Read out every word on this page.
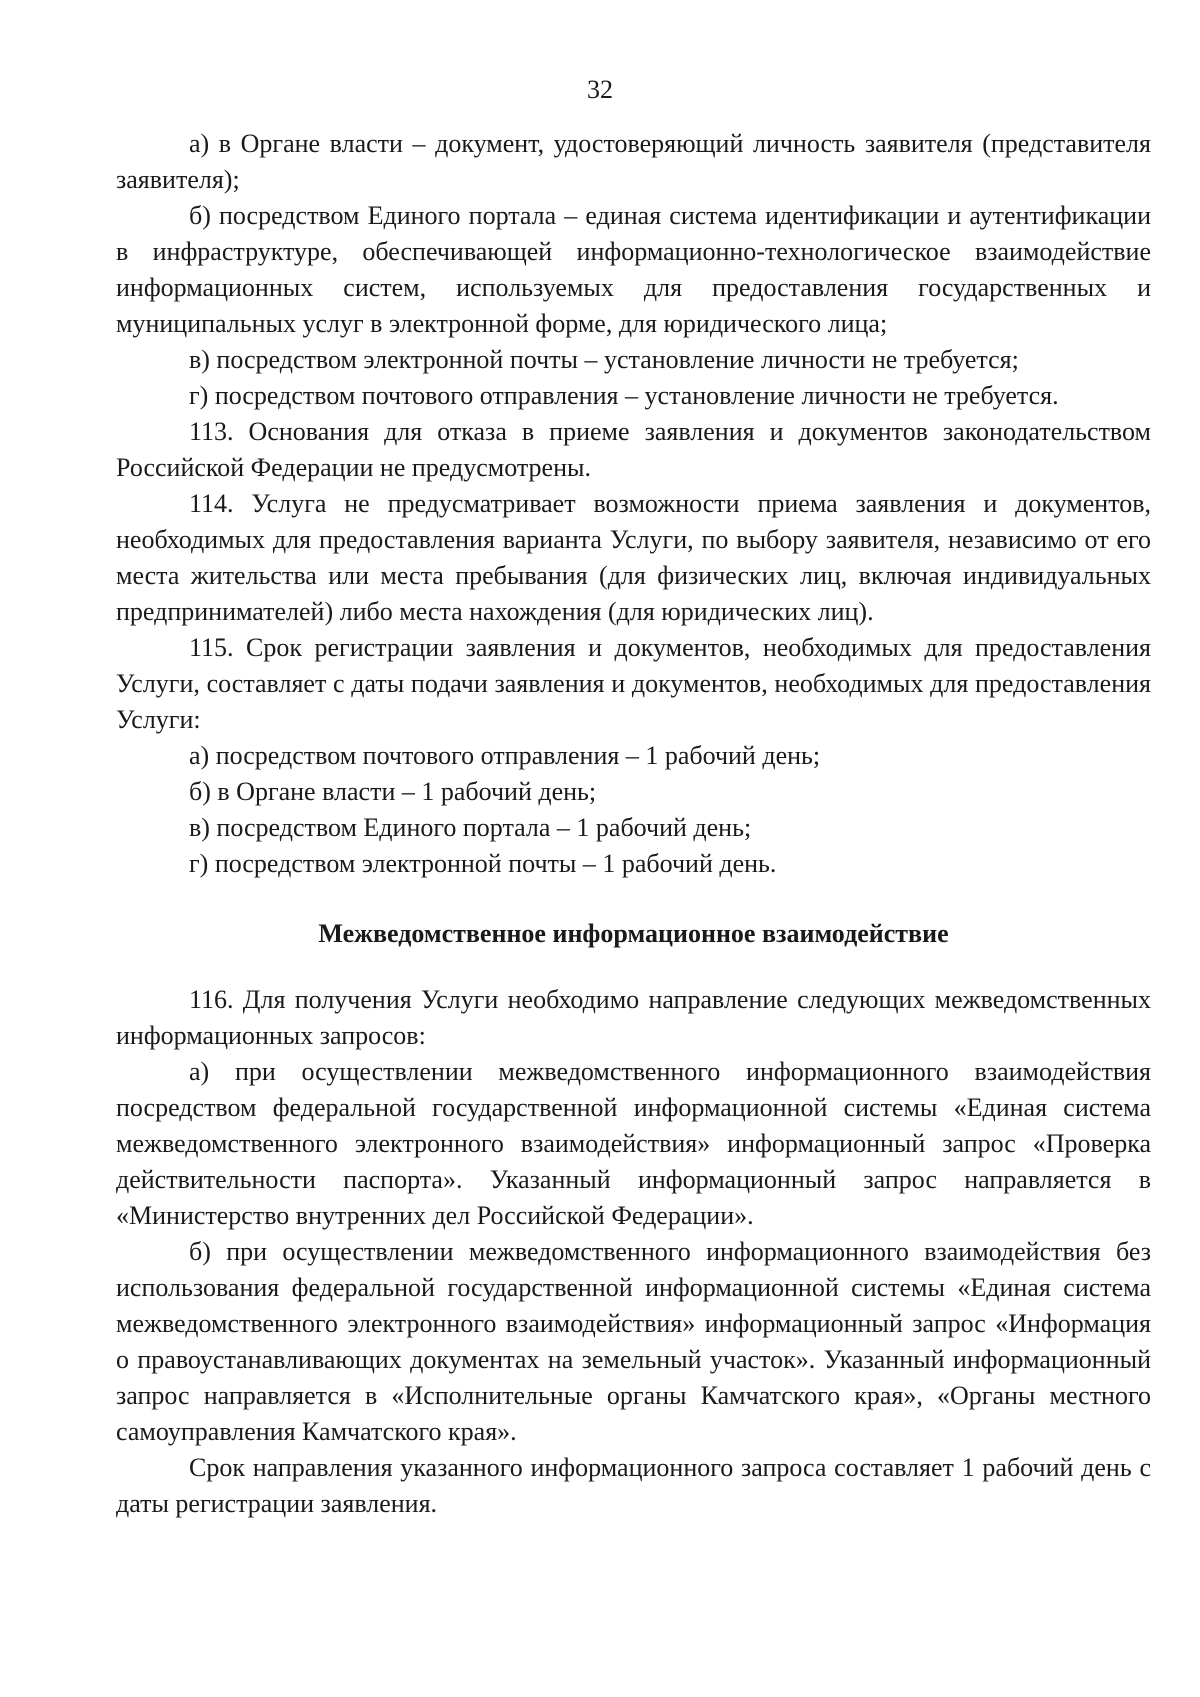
32

а) в Органе власти – документ, удостоверяющий личность заявителя (представителя заявителя);

б) посредством Единого портала – единая система идентификации и аутентификации в инфраструктуре, обеспечивающей информационно-технологическое взаимодействие информационных систем, используемых для предоставления государственных и муниципальных услуг в электронной форме, для юридического лица;

в) посредством электронной почты – установление личности не требуется;

г) посредством почтового отправления – установление личности не требуется.

113. Основания для отказа в приеме заявления и документов законодательством Российской Федерации не предусмотрены.

114. Услуга не предусматривает возможности приема заявления и документов, необходимых для предоставления варианта Услуги, по выбору заявителя, независимо от его места жительства или места пребывания (для физических лиц, включая индивидуальных предпринимателей) либо места нахождения (для юридических лиц).

115. Срок регистрации заявления и документов, необходимых для предоставления Услуги, составляет с даты подачи заявления и документов, необходимых для предоставления Услуги:

а) посредством почтового отправления – 1 рабочий день;

б) в Органе власти – 1 рабочий день;

в) посредством Единого портала – 1 рабочий день;

г) посредством электронной почты – 1 рабочий день.

Межведомственное информационное взаимодействие

116. Для получения Услуги необходимо направление следующих межведомственных информационных запросов:

а) при осуществлении межведомственного информационного взаимодействия посредством федеральной государственной информационной системы «Единая система межведомственного электронного взаимодействия» информационный запрос «Проверка действительности паспорта». Указанный информационный запрос направляется в «Министерство внутренних дел Российской Федерации».

б) при осуществлении межведомственного информационного взаимодействия без использования федеральной государственной информационной системы «Единая система межведомственного электронного взаимодействия» информационный запрос «Информация о правоустанавливающих документах на земельный участок». Указанный информационный запрос направляется в «Исполнительные органы Камчатского края», «Органы местного самоуправления Камчатского края».

Срок направления указанного информационного запроса составляет 1 рабочий день с даты регистрации заявления.
